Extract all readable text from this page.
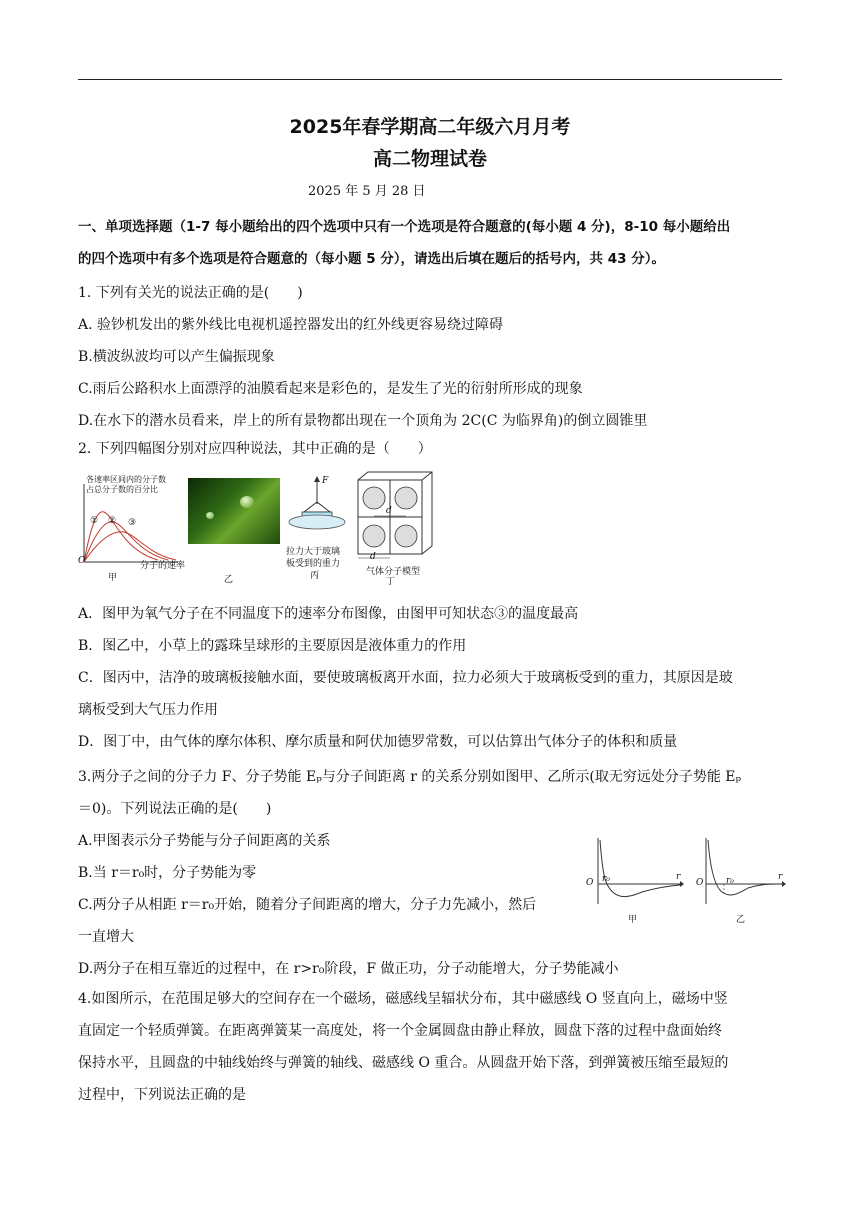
2025年春学期高二年级六月月考
高二物理试卷
2025 年 5 月 28 日
一、单项选择题（1-7 每小题给出的四个选项中只有一个选项是符合题意的(每小题 4 分)，8-10 每小题给出
的四个选项中有多个选项是符合题意的（每小题 5 分），请选出后填在题后的括号内，共 43 分）。
1. 下列有关光的说法正确的是(　　)
A. 验钞机发出的紫外线比电视机遥控器发出的红外线更容易绕过障碍
B.横波纵波均可以产生偏振现象
C.雨后公路积水上面漂浮的油膜看起来是彩色的，是发生了光的衍射所形成的现象
D.在水下的潜水员看来，岸上的所有景物都出现在一个顶角为 2C(C 为临界角)的倒立圆锥里
2. 下列四幅图分别对应四种说法，其中正确的是（　　）
各速率区间内的分子数
占总分子数的百分比
O
① ② ③
分子的速率
甲	乙
F
拉力大于玻璃
板受到的重力
丙
d
d
气体分子模型
丁
A．图甲为氧气分子在不同温度下的速率分布图像，由图甲可知状态③的温度最高
B．图乙中，小草上的露珠呈球形的主要原因是液体重力的作用
C．图丙中，洁净的玻璃板接触水面，要使玻璃板离开水面，拉力必须大于玻璃板受到的重力，其原因是玻
璃板受到大气压力作用
D．图丁中，由气体的摩尔体积、摩尔质量和阿伏加德罗常数，可以估算出气体分子的体积和质量
3.两分子之间的分子力 F、分子势能 Eₚ与分子间距离 r 的关系分别如图甲、乙所示(取无穷远处分子势能 Eₚ
＝0)。下列说法正确的是(　　)
A.甲图表示分子势能与分子间距离的关系
B.当 r＝r₀时，分子势能为零
C.两分子从相距 r＝r₀开始，随着分子间距离的增大，分子力先减小，然后
一直增大
D.两分子在相互靠近的过程中，在 r>r₀阶段，F 做正功，分子动能增大，分子势能减小
O r₀	r
甲
O	r₀	r
乙
4.如图所示，在范围足够大的空间存在一个磁场，磁感线呈辐状分布，其中磁感线 O 竖直向上，磁场中竖
直固定一个轻质弹簧。在距离弹簧某一高度处，将一个金属圆盘由静止释放，圆盘下落的过程中盘面始终
保持水平，且圆盘的中轴线始终与弹簧的轴线、磁感线 O 重合。从圆盘开始下落，到弹簧被压缩至最短的
过程中，下列说法正确的是
